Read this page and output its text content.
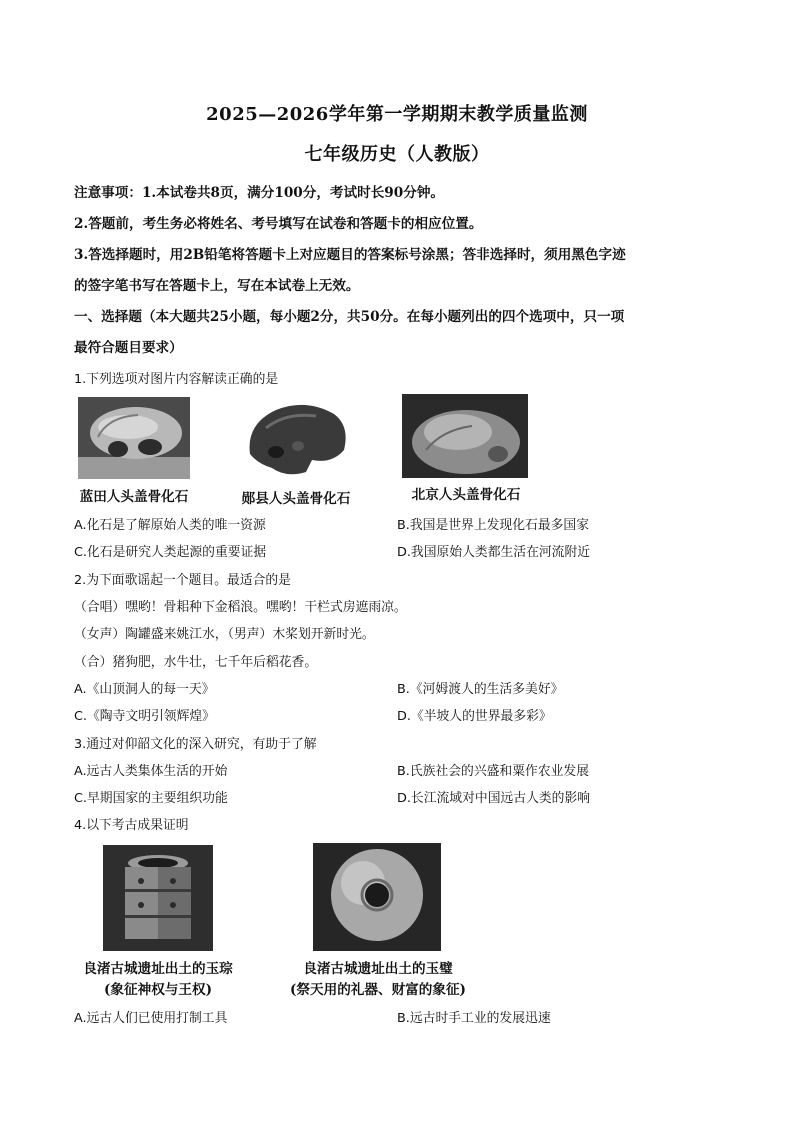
2025—2026学年第一学期期末教学质量监测
七年级历史（人教版）
注意事项：1.本试卷共8页，满分100分，考试时长90分钟。
2.答题前，考生务必将姓名、考号填写在试卷和答题卡的相应位置。
3.答选择题时，用2B铅笔将答题卡上对应题目的答案标号涂黑；答非选择时，须用黑色字迹
的签字笔书写在答题卡上，写在本试卷上无效。
一、选择题（本大题共25小题，每小题2分，共50分。在每小题列出的四个选项中，只一项
最符合题目要求）
1.下列选项对图片内容解读正确的是
蓝田人头盖骨化石	郧县人头盖骨化石	北京人头盖骨化石
A.化石是了解原始人类的唯一资源	B.我国是世界上发现化石最多国家
C.化石是研究人类起源的重要证据	D.我国原始人类都生活在河流附近
2.为下面歌谣起一个题目。最适合的是
（合唱）嘿哟！骨耜种下金稻浪。嘿哟！干栏式房遮雨凉。
（女声）陶罐盛来姚江水，（男声）木桨划开新时光。
（合）猪狗肥，水牛壮，七千年后稻花香。
A.《山顶洞人的每一天》	B.《河姆渡人的生活多美好》
C.《陶寺文明引领辉煌》	D.《半坡人的世界最多彩》
3.通过对仰韶文化的深入研究，有助于了解
A.远古人类集体生活的开始	B.氏族社会的兴盛和粟作农业发展
C.早期国家的主要组织功能	D.长江流域对中国远古人类的影响
4.以下考古成果证明
良渚古城遗址出土的玉琮
(象征神权与王权)
良渚古城遗址出土的玉璧
(祭天用的礼器、财富的象征)
A.远古人们已使用打制工具	B.远古时手工业的发展迅速
